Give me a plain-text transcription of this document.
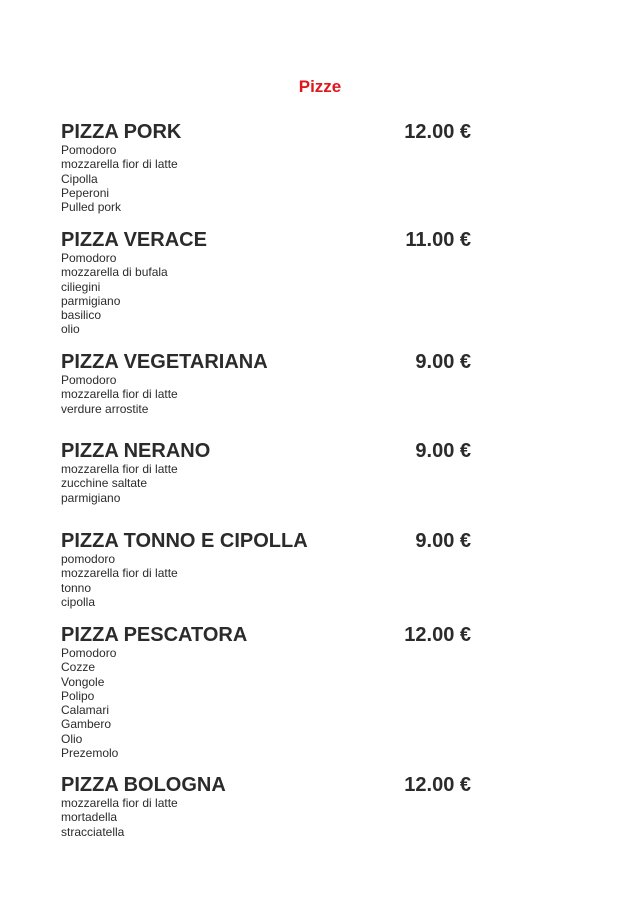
Pizze
PIZZA PORK	12.00 €
Pomodoro
mozzarella fior di latte
Cipolla
Peperoni
Pulled pork
PIZZA VERACE	11.00 €
Pomodoro
mozzarella di bufala
ciliegini
parmigiano
basilico
olio
PIZZA VEGETARIANA	9.00 €
Pomodoro
mozzarella fior di latte
verdure arrostite
PIZZA NERANO	9.00 €
mozzarella fior di latte
zucchine saltate
parmigiano
PIZZA TONNO E CIPOLLA	9.00 €
pomodoro
mozzarella fior di latte
tonno
cipolla
PIZZA PESCATORA	12.00 €
Pomodoro
Cozze
Vongole
Polipo
Calamari
Gambero
Olio
Prezemolo
PIZZA BOLOGNA	12.00 €
mozzarella fior di latte
mortadella
stracciatella
